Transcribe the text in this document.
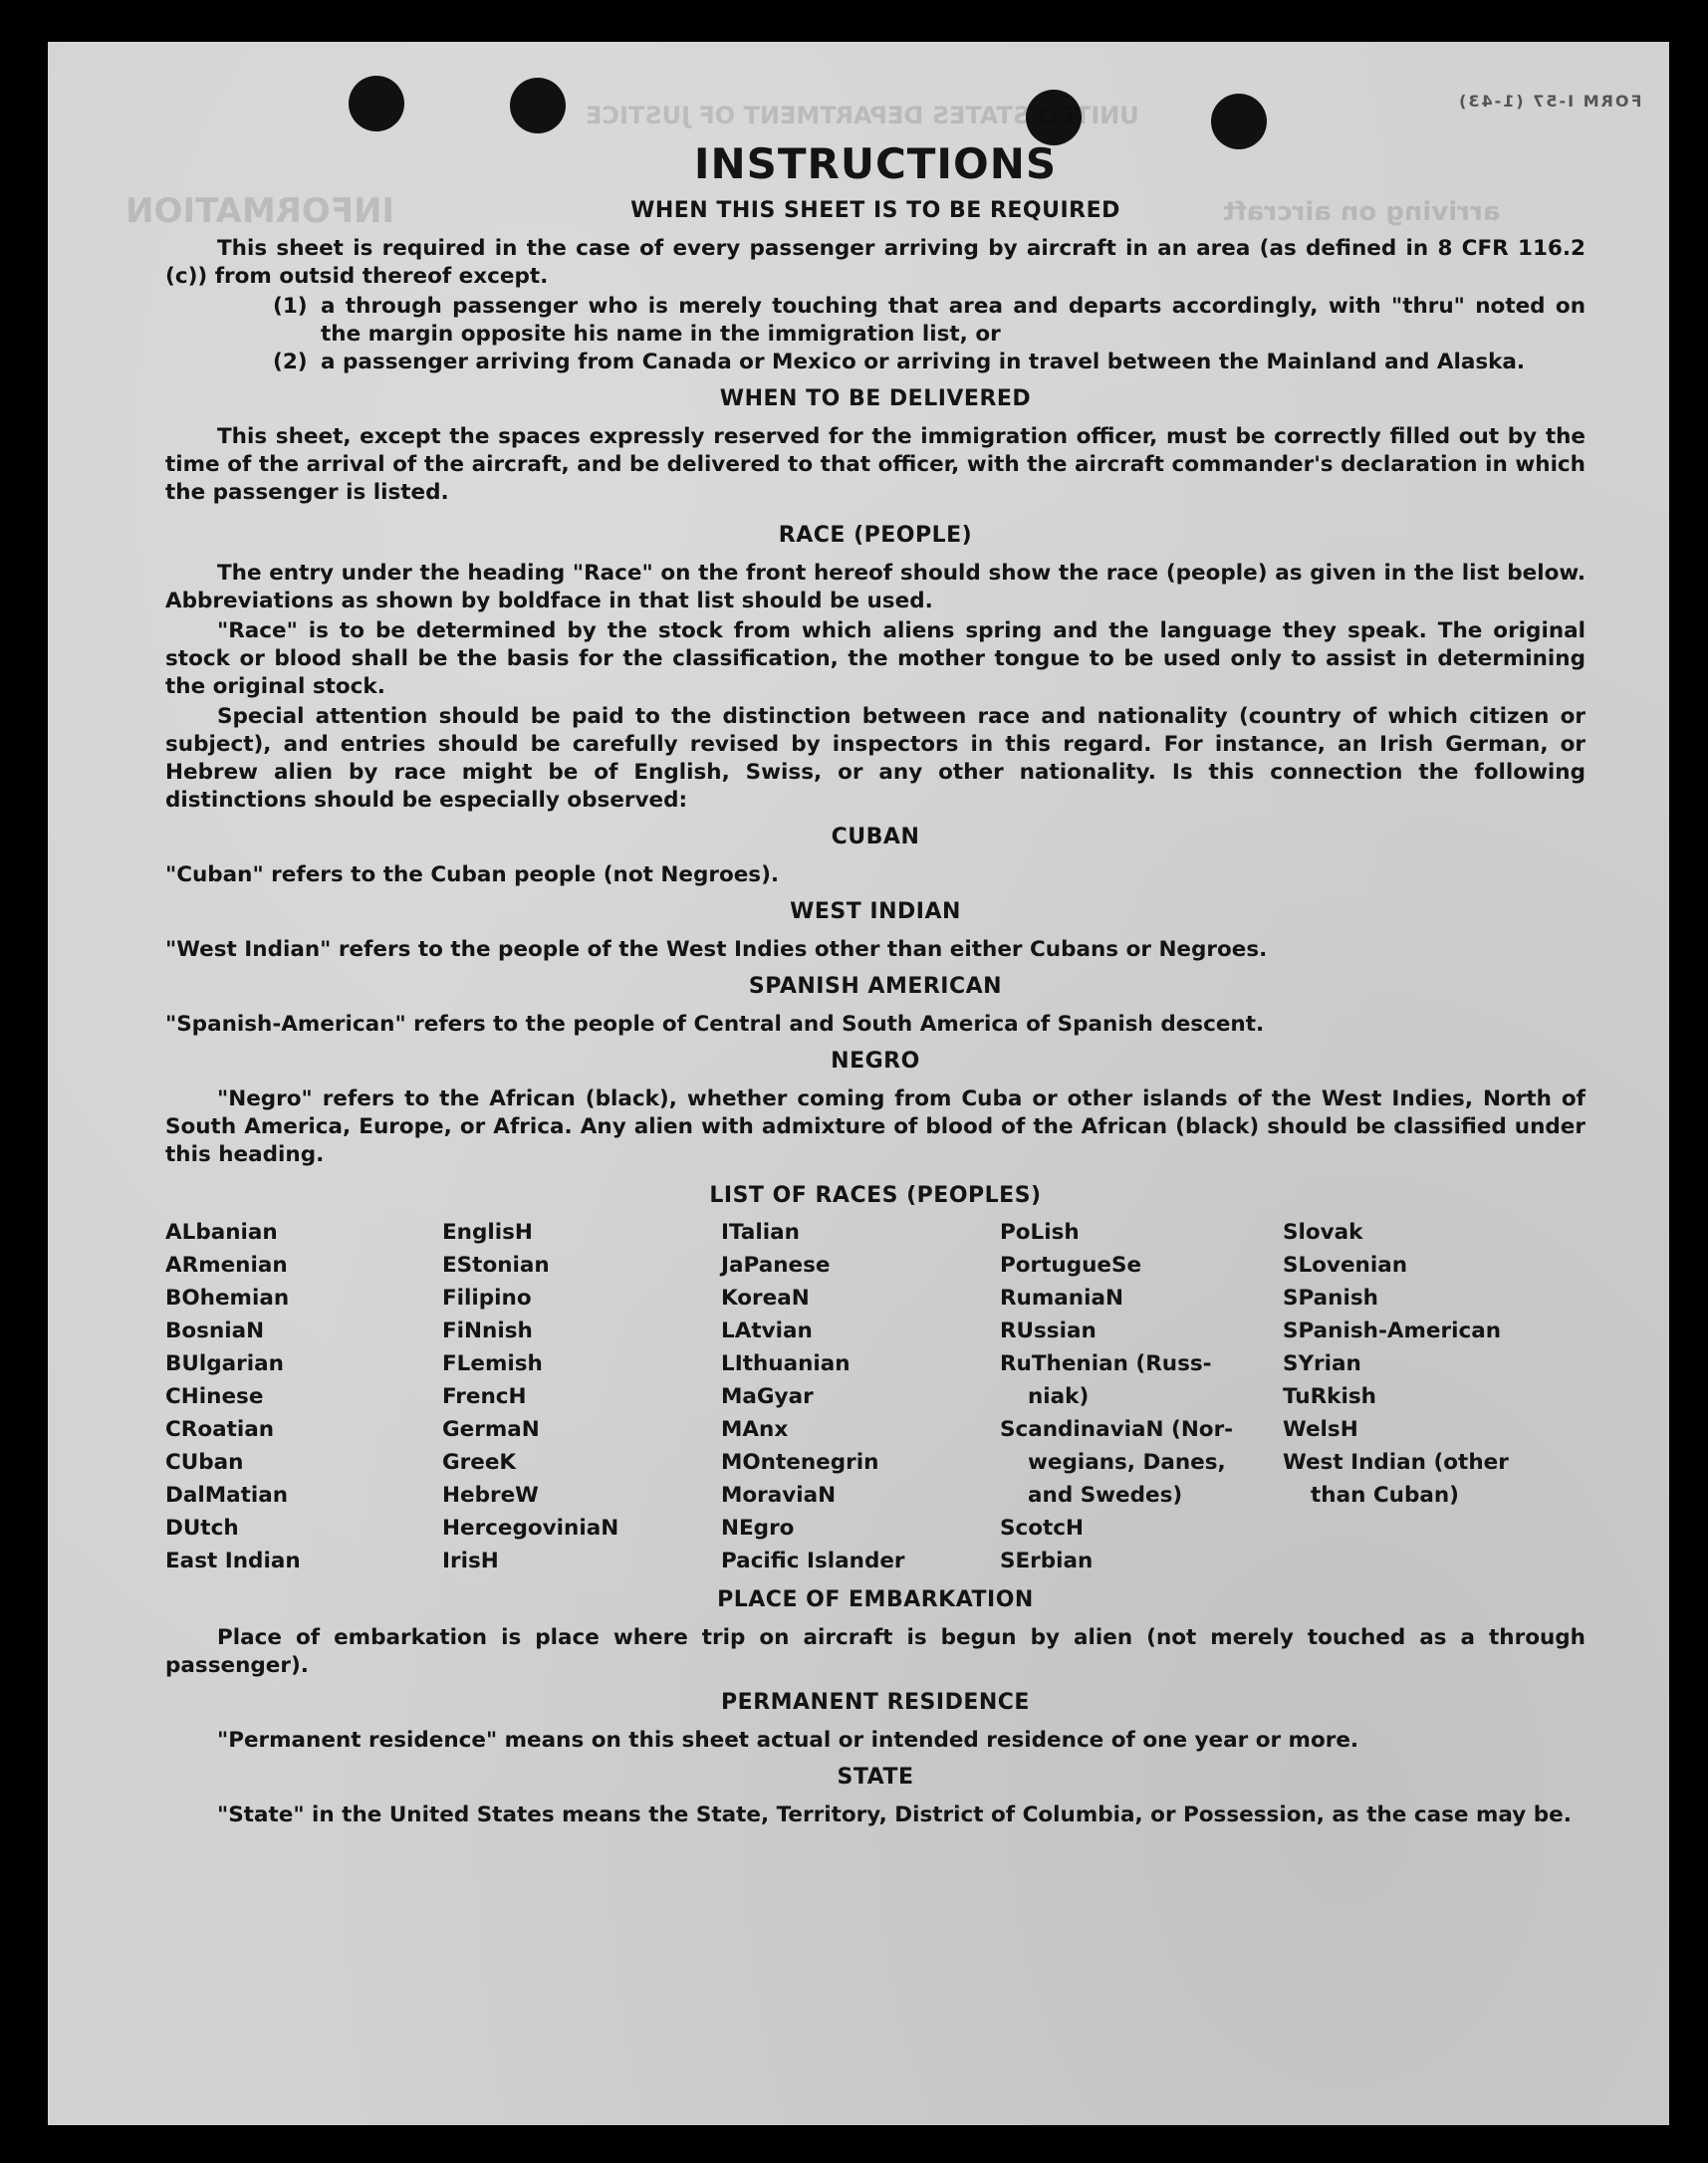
UNITED STATES DEPARTMENT OF JUSTICE
INFORMATION	arriving on aircraft
FORM I-57 (1-43)
INSTRUCTIONS
WHEN THIS SHEET IS TO BE REQUIRED

This sheet is required in the case of every passenger arriving by aircraft in an area (as defined in 8 CFR 116.2 (c)) from outsid thereof except.

(1) a through passenger who is merely touching that area and departs accordingly, with "thru" noted on the margin opposite his name in the immigration list, or
(2) a passenger arriving from Canada or Mexico or arriving in travel between the Mainland and Alaska.
WHEN TO BE DELIVERED

This sheet, except the spaces expressly reserved for the immigration officer, must be correctly filled out by the time of the arrival of the aircraft, and be delivered to that officer, with the aircraft commander's declaration in which the passenger is listed.

RACE (PEOPLE)

The entry under the heading "Race" on the front hereof should show the race (people) as given in the list below. Abbreviations as shown by boldface in that list should be used.

"Race" is to be determined by the stock from which aliens spring and the language they speak. The original stock or blood shall be the basis for the classification, the mother tongue to be used only to assist in determining the original stock.

Special attention should be paid to the distinction between race and nationality (country of which citizen or subject), and entries should be carefully revised by inspectors in this regard. For instance, an Irish German, or Hebrew alien by race might be of English, Swiss, or any other nationality. Is this connection the following distinctions should be especially observed:

CUBAN

"Cuban" refers to the Cuban people (not Negroes).

WEST INDIAN

"West Indian" refers to the people of the West Indies other than either Cubans or Negroes.

SPANISH AMERICAN

"Spanish-American" refers to the people of Central and South America of Spanish descent.

NEGRO

"Negro" refers to the African (black), whether coming from Cuba or other islands of the West Indies, North of South America, Europe, or Africa. Any alien with admixture of blood of the African (black) should be classified under this heading.

LIST OF RACES (PEOPLES)
ALbanian
ARmenian
BOhemian
BosniaN
BUlgarian
CHinese
CRoatian
CUban
DalMatian
DUtch
East Indian
EnglisH
EStonian
Filipino
FiNnish
FLemish
FrencH
GermaN
GreeK
HebreW
HercegoviniaN
IrisH
ITalian
JaPanese
KoreaN
LAtvian
LIthuanian
MaGyar
MAnx
MOntenegrin
MoraviaN
NEgro
Pacific Islander
PoLish
PortugueSe
RumaniaN
RUssian
RuThenian (Russ-
niak)
ScandinaviaN (Nor-
wegians, Danes,
and Swedes)
ScotcH
SErbian
Slovak
SLovenian
SPanish
SPanish-American
SYrian
TuRkish
WelsH
West Indian (other
than Cuban)
PLACE OF EMBARKATION

Place of embarkation is place where trip on aircraft is begun by alien (not merely touched as a through passenger).

PERMANENT RESIDENCE

"Permanent residence" means on this sheet actual or intended residence of one year or more.

STATE

"State" in the United States means the State, Territory, District of Columbia, or Possession, as the case may be.
